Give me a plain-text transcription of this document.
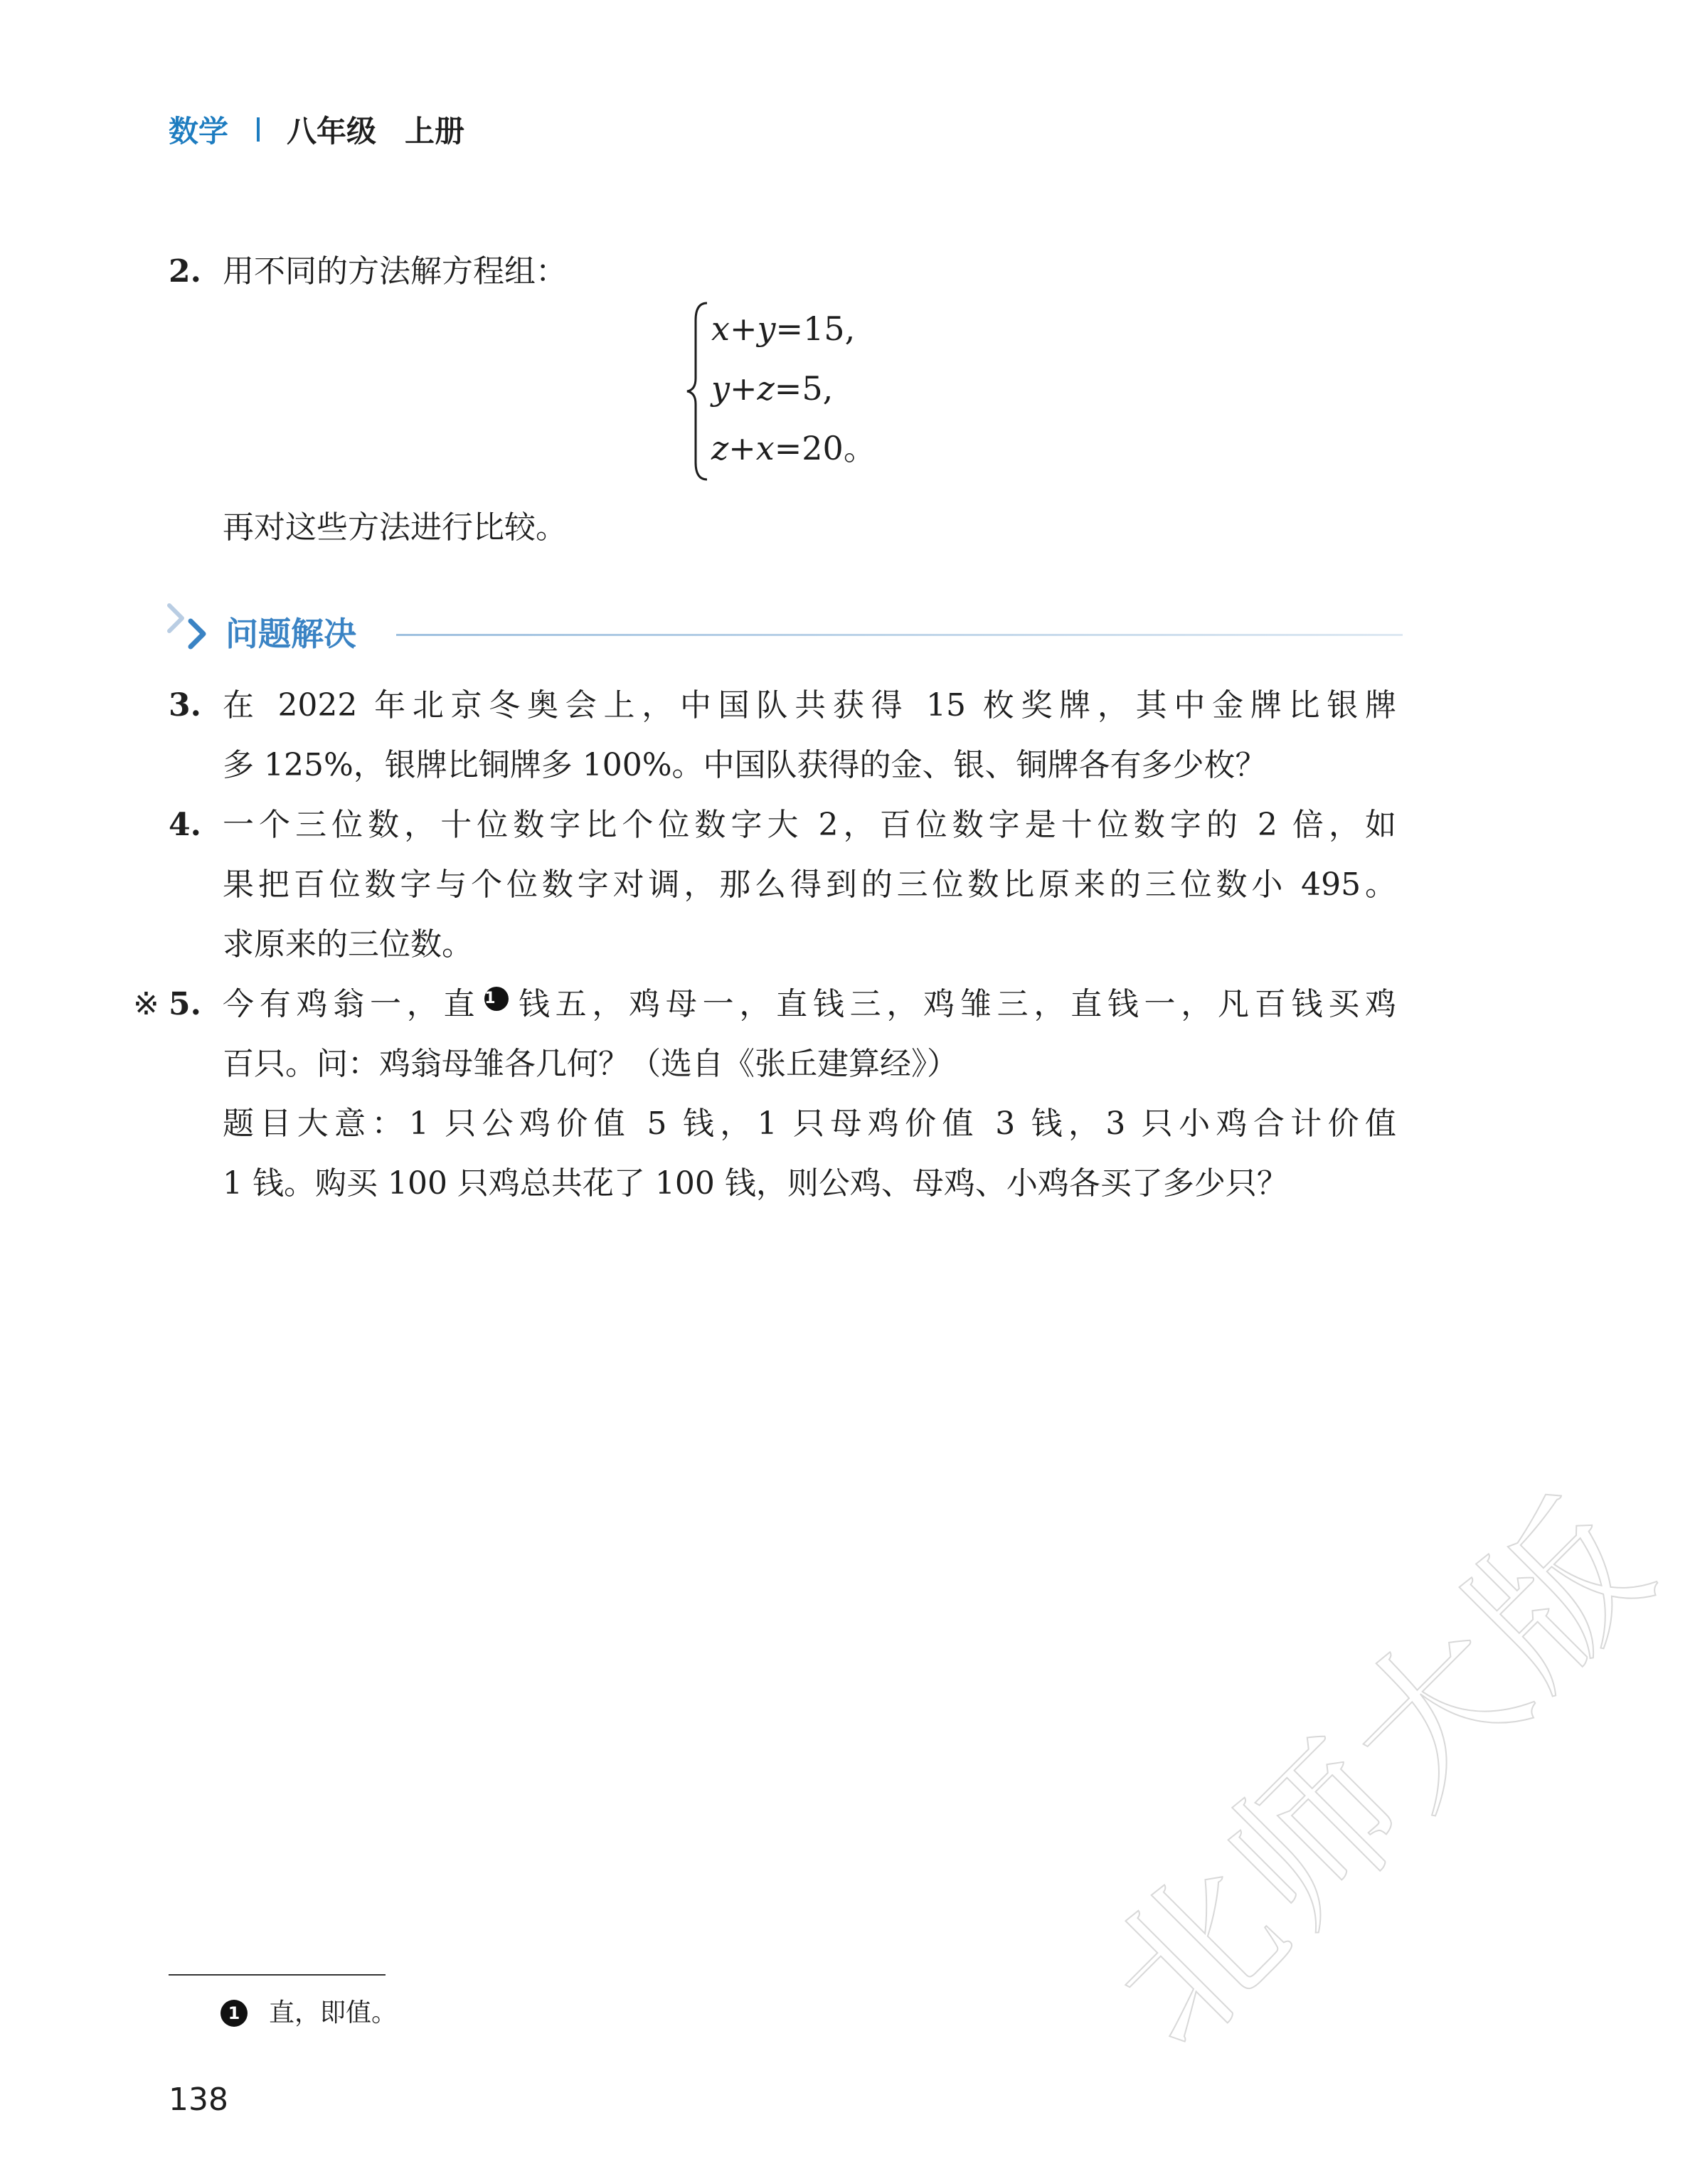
数学 八年级 上册
2. 用不同的方法解方程组：

x+y=15,
y+z=5,
z+x=20。

再对这些方法进行比较。

问题解决
3. 在 2022 年北京冬奥会上，中国队共获得 15 枚奖牌，其中金牌比银牌

多 125%，银牌比铜牌多 100%。中国队获得的金、银、铜牌各有多少枚？

4. 一个三位数，十位数字比个位数字大 2，百位数字是十位数字的 2 倍，如

果把百位数字与个位数字对调，那么得到的三位数比原来的三位数小 495。

求原来的三位数。

※ 5. 今有鸡翁一，直 1 钱五，鸡母一，直钱三，鸡雏三，直钱一，凡百钱买鸡

百只。问：鸡翁母雏各几何？（选自《张丘建算经》）

题目大意：1 只公鸡价值 5 钱，1 只母鸡价值 3 钱，3 只小鸡合计价值

1 钱。购买 100 只鸡总共花了 100 钱，则公鸡、母鸡、小鸡各买了多少只？

1 直，即值。
138
北师大版
